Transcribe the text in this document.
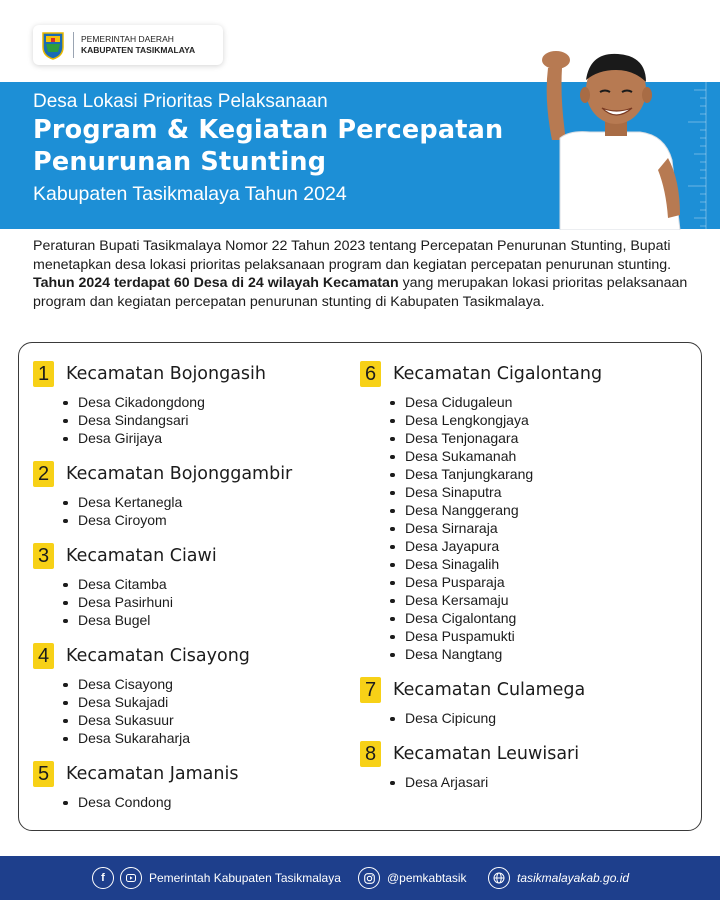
PEMERINTAH DAERAH
KABUPATEN TASIKMALAYA
Desa Lokasi Prioritas Pelaksanaan
Program & Kegiatan Percepatan
Penurunan Stunting
Kabupaten Tasikmalaya Tahun 2024

Peraturan Bupati Tasikmalaya Nomor 22 Tahun 2023 tentang Percepatan Penurunan Stunting, Bupati menetapkan desa lokasi prioritas pelaksanaan program dan kegiatan percepatan penurunan stunting. Tahun 2024 terdapat 60 Desa di 24 wilayah Kecamatan yang merupakan lokasi prioritas pelaksanaan program dan kegiatan percepatan penurunan stunting di Kabupaten Tasikmalaya.

1 Kecamatan Bojongasih
Desa Cikadongdong
Desa Sindangsari
Desa Girijaya
2 Kecamatan Bojonggambir
Desa Kertanegla
Desa Ciroyom
3 Kecamatan Ciawi
Desa Citamba
Desa Pasirhuni
Desa Bugel
4 Kecamatan Cisayong
Desa Cisayong
Desa Sukajadi
Desa Sukasuur
Desa Sukaraharja
5 Kecamatan Jamanis
Desa Condong
6 Kecamatan Cigalontang
Desa Cidugaleun
Desa Lengkongjaya
Desa Tenjonagara
Desa Sukamanah
Desa Tanjungkarang
Desa Sinaputra
Desa Nanggerang
Desa Sirnaraja
Desa Jayapura
Desa Sinagalih
Desa Pusparaja
Desa Kersamaju
Desa Cigalontang
Desa Puspamukti
Desa Nangtang
7 Kecamatan Culamega
Desa Cipicung
8 Kecamatan Leuwisari
Desa Arjasari
f	Pemerintah Kabupaten Tasikmalaya	@pemkabtasik	tasikmalayakab.go.id
